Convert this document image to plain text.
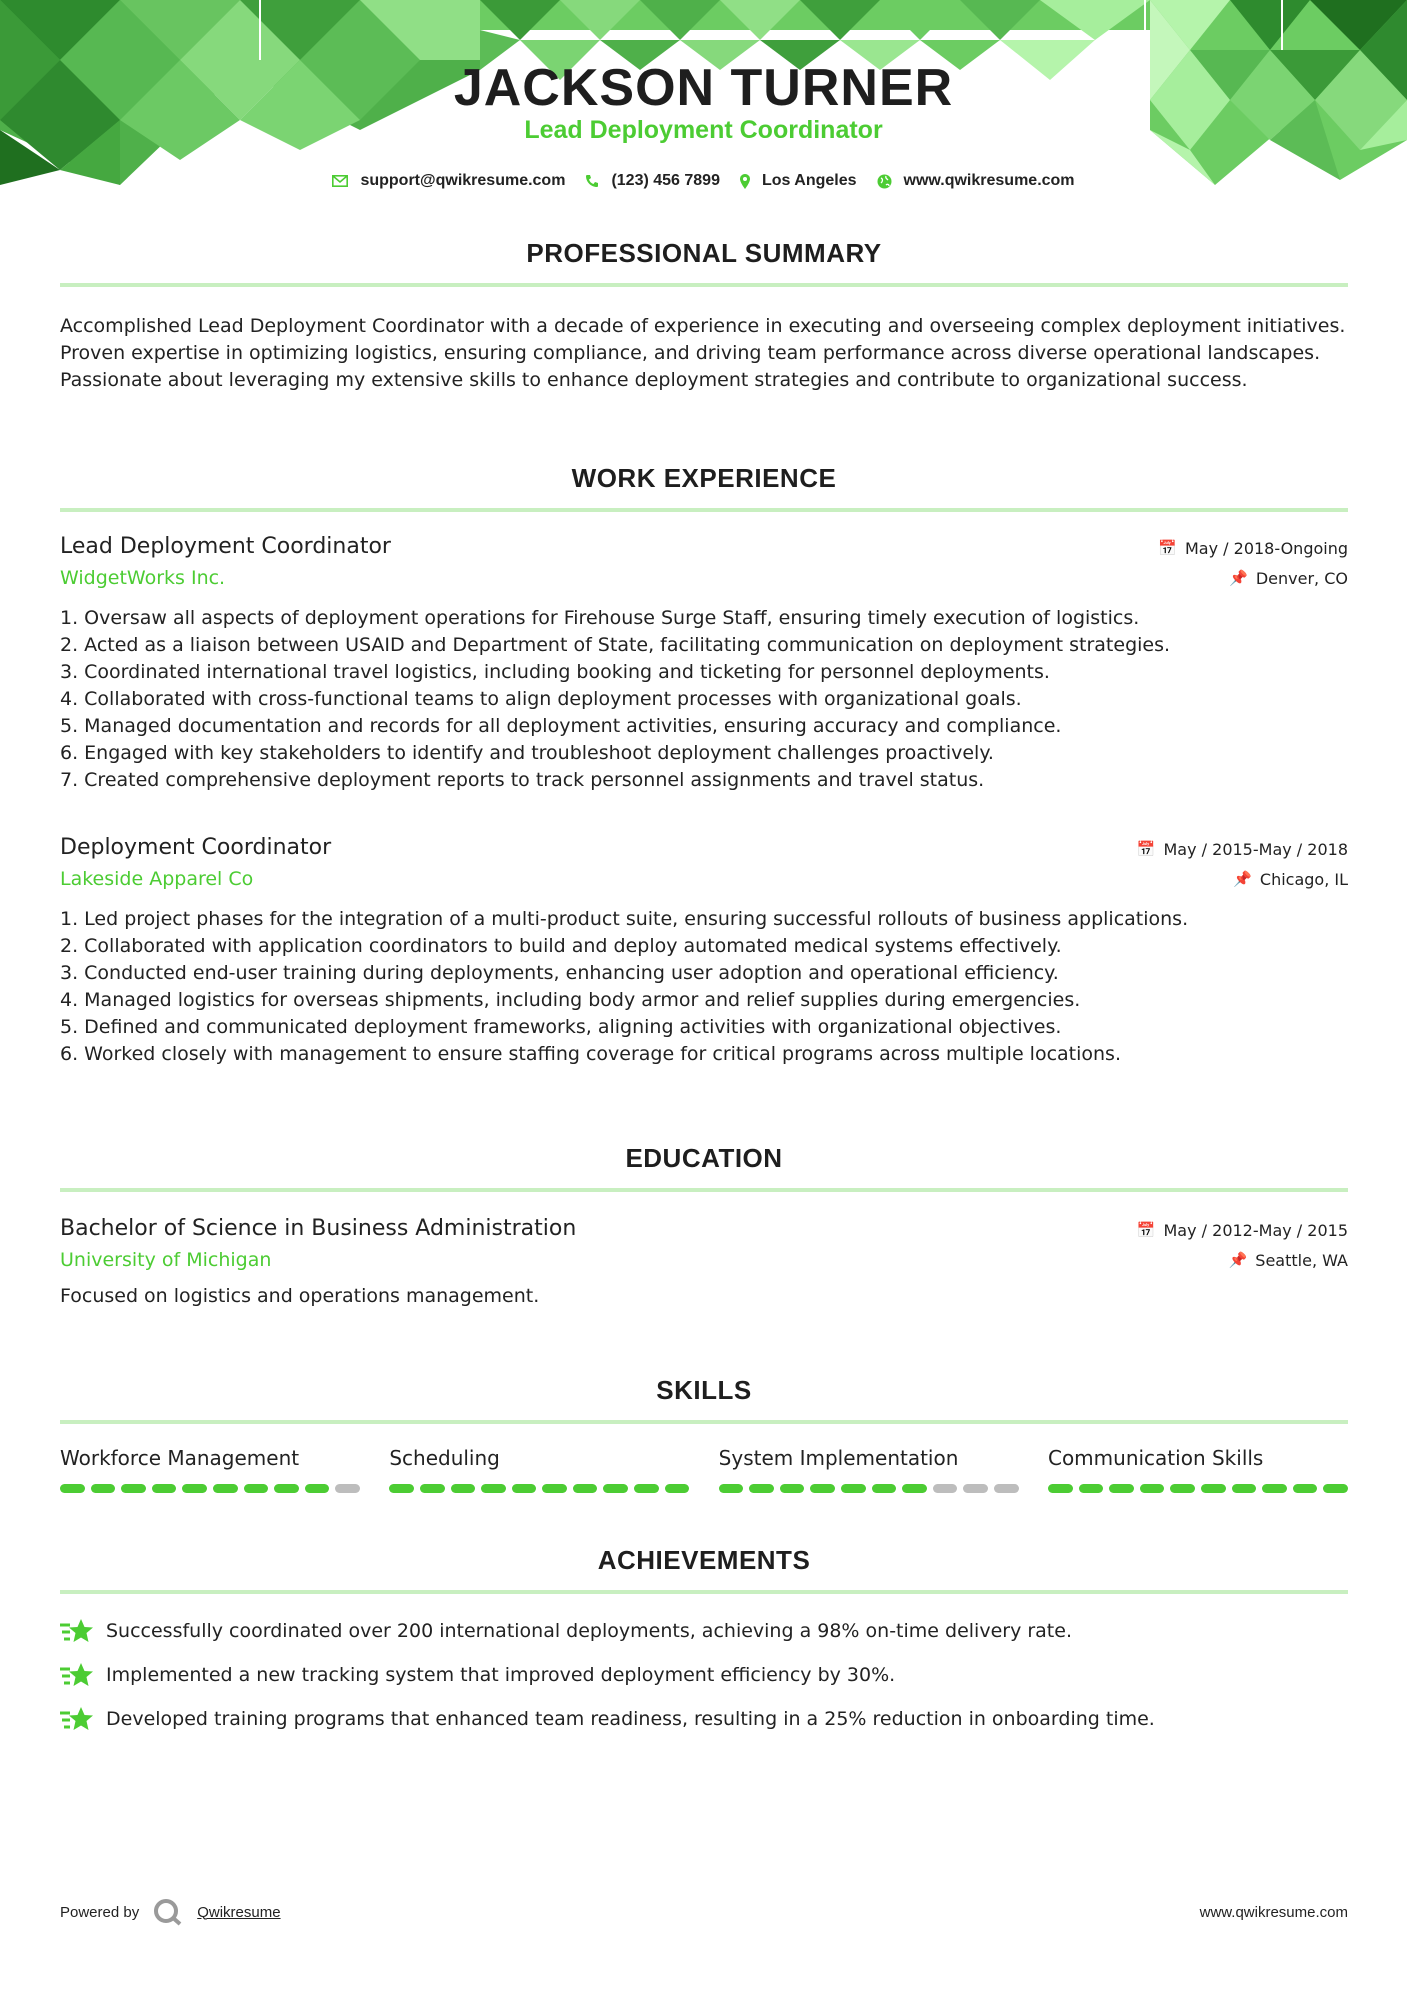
JACKSON TURNER
Lead Deployment Coordinator
support@qwikresume.com	(123) 456 7899	Los Angeles	www.qwikresume.com
PROFESSIONAL SUMMARY
Accomplished Lead Deployment Coordinator with a decade of experience in executing and overseeing complex deployment initiatives. Proven expertise in optimizing logistics, ensuring compliance, and driving team performance across diverse operational landscapes. Passionate about leveraging my extensive skills to enhance deployment strategies and contribute to organizational success.
WORK EXPERIENCE
Lead Deployment Coordinator	📅 May / 2018-Ongoing
WidgetWorks Inc.	📌 Denver, CO
1. Oversaw all aspects of deployment operations for Firehouse Surge Staff, ensuring timely execution of logistics.
2. Acted as a liaison between USAID and Department of State, facilitating communication on deployment strategies.
3. Coordinated international travel logistics, including booking and ticketing for personnel deployments.
4. Collaborated with cross-functional teams to align deployment processes with organizational goals.
5. Managed documentation and records for all deployment activities, ensuring accuracy and compliance.
6. Engaged with key stakeholders to identify and troubleshoot deployment challenges proactively.
7. Created comprehensive deployment reports to track personnel assignments and travel status.
Deployment Coordinator	📅 May / 2015-May / 2018
Lakeside Apparel Co	📌 Chicago, IL
1. Led project phases for the integration of a multi-product suite, ensuring successful rollouts of business applications.
2. Collaborated with application coordinators to build and deploy automated medical systems effectively.
3. Conducted end-user training during deployments, enhancing user adoption and operational efficiency.
4. Managed logistics for overseas shipments, including body armor and relief supplies during emergencies.
5. Defined and communicated deployment frameworks, aligning activities with organizational objectives.
6. Worked closely with management to ensure staffing coverage for critical programs across multiple locations.
EDUCATION
Bachelor of Science in Business Administration	📅 May / 2012-May / 2015
University of Michigan	📌 Seattle, WA
Focused on logistics and operations management.
SKILLS
Workforce Management	Scheduling	System Implementation	Communication Skills
ACHIEVEMENTS
Successfully coordinated over 200 international deployments, achieving a 98% on-time delivery rate.
Implemented a new tracking system that improved deployment efficiency by 30%.
Developed training programs that enhanced team readiness, resulting in a 25% reduction in onboarding time.
Powered by	Qwikresume	www.qwikresume.com
